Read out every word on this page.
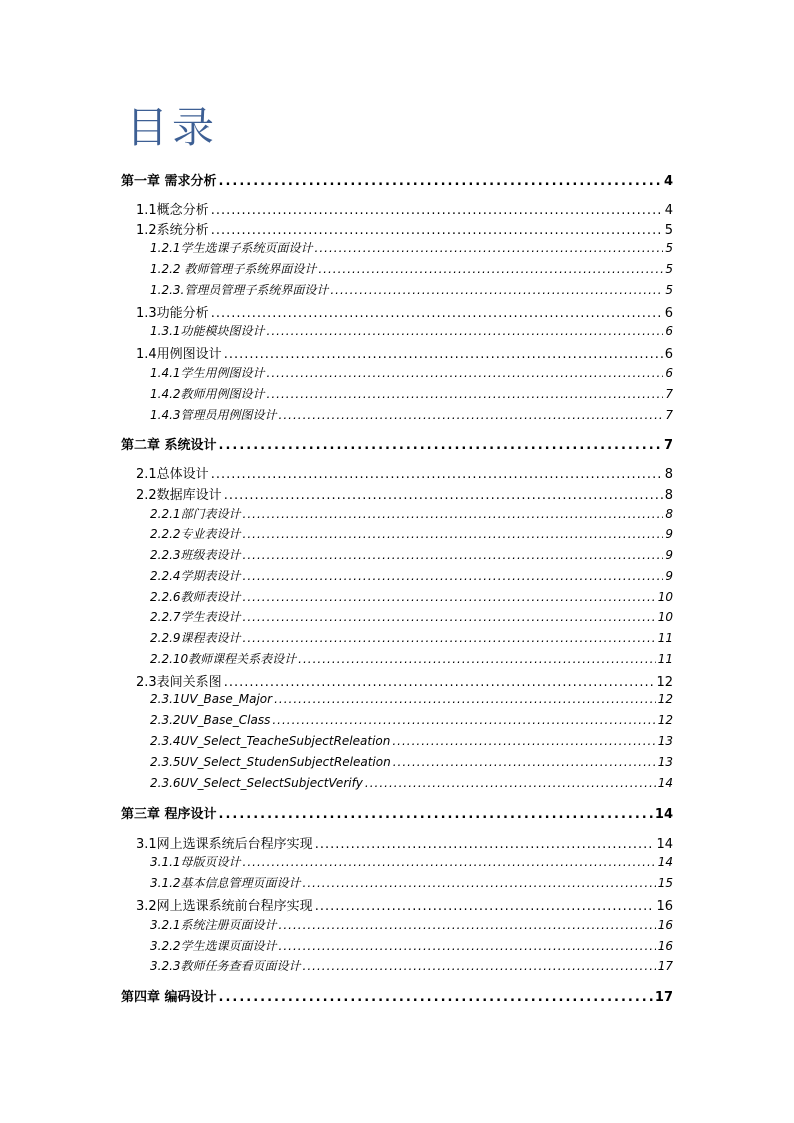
目录
第一章 需求分析 .....	4
1.1概念分析 .....	4
1.2系统分析 .....	5
1.2.1学生选课子系统页面设计 .....	5
1.2.2 教师管理子系统界面设计 .....	5
1.2.3.管理员管理子系统界面设计 .....	5
1.3功能分析 .....	6
1.3.1功能模块图设计 .....	6
1.4用例图设计 .....	6
1.4.1学生用例图设计 .....	6
1.4.2教师用例图设计 .....	7
1.4.3管理员用例图设计 .....	7
第二章 系统设计 .....	7
2.1总体设计 .....	8
2.2数据库设计 .....	8
2.2.1部门表设计 .....	8
2.2.2专业表设计 .....	9
2.2.3班级表设计 .....	9
2.2.4学期表设计 .....	9
2.2.6教师表设计 .....	10
2.2.7学生表设计 .....	10
2.2.9课程表设计 .....	11
2.2.10教师课程关系表设计 .....	11
2.3表间关系图 .....	12
2.3.1UV_Base_Major .....	12
2.3.2UV_Base_Class .....	12
2.3.4UV_Select_TeacheSubjectReleation .....	13
2.3.5UV_Select_StudenSubjectReleation .....	13
2.3.6UV_Select_SelectSubjectVerify .....	14
第三章 程序设计 .....	14
3.1网上选课系统后台程序实现 .....	14
3.1.1母版页设计 .....	14
3.1.2基本信息管理页面设计 .....	15
3.2网上选课系统前台程序实现 .....	16
3.2.1系统注册页面设计 .....	16
3.2.2学生选课页面设计 .....	16
3.2.3教师任务查看页面设计 .....	17
第四章 编码设计 .....	17
